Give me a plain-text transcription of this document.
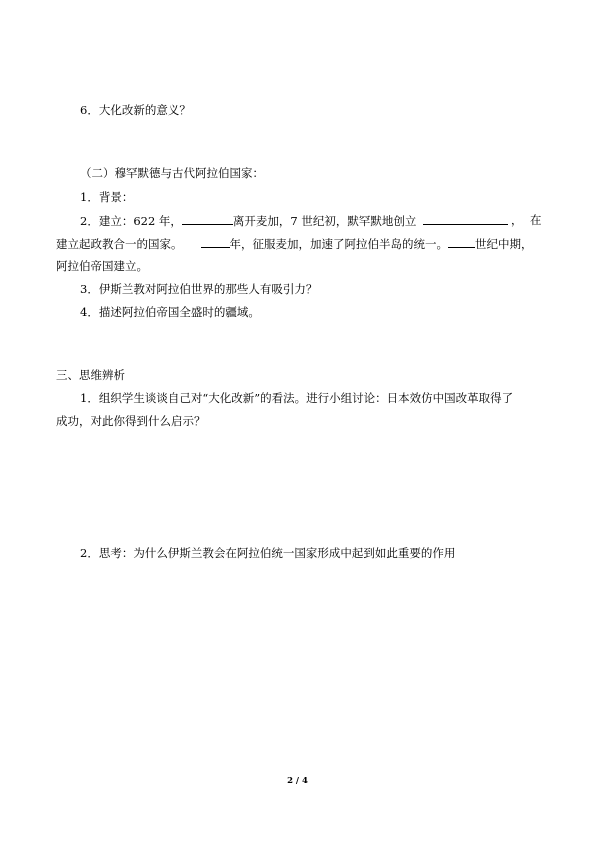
6．大化改新的意义？
（二）穆罕默德与古代阿拉伯国家：
1．背景：
2．建立：622 年，	离开麦加，7 世纪初，默罕默地创立	， 在
建立起政教合一的国家。	年，征服麦加，加速了阿拉伯半岛的统一。 世纪中期，
阿拉伯帝国建立。
3．伊斯兰教对阿拉伯世界的那些人有吸引力？
4．描述阿拉伯帝国全盛时的疆域。
三、思维辨析
1．组织学生谈谈自己对“大化改新”的看法。进行小组讨论：日本效仿中国改革取得了
成功，对此你得到什么启示？
2．思考：为什么伊斯兰教会在阿拉伯统一国家形成中起到如此重要的作用
2 / 4
